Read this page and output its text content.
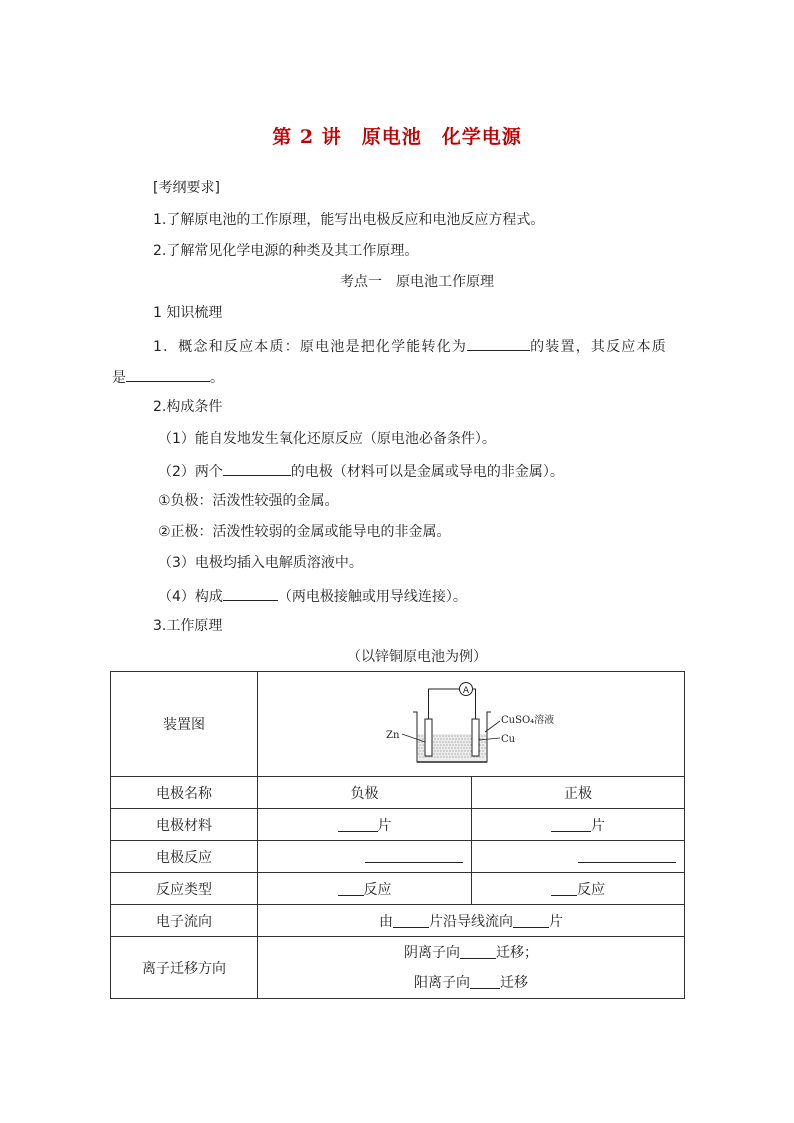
第 2 讲　原电池　化学电源
[考纲要求]
1.了解原电池的工作原理，能写出电极反应和电池反应方程式。
2.了解常见化学电源的种类及其工作原理。
考点一　原电池工作原理
1 知识梳理
1．概念和反应本质：原电池是把化学能转化为	的装置，其反应本质
是	。
2.构成条件
（1）能自发地发生氧化还原反应（原电池必备条件）。
（2）两个	的电极（材料可以是金属或导电的非金属）。
①负极：活泼性较强的金属。
②正极：活泼性较弱的金属或能导电的非金属。
（3）电极均插入电解质溶液中。
（4）构成	（两电极接触或用导线连接）。
3.工作原理
（以锌铜原电池为例）
装置图	A
Zn Cu
CuSO₄溶液	

电极名称	负极	正极
电极材料	片	片
电极反应		
反应类型	反应	反应
电子流向	由 片沿导线流向 片	
离子迁移方向	阴离子向 迁移；
阳离子向 迁移	
